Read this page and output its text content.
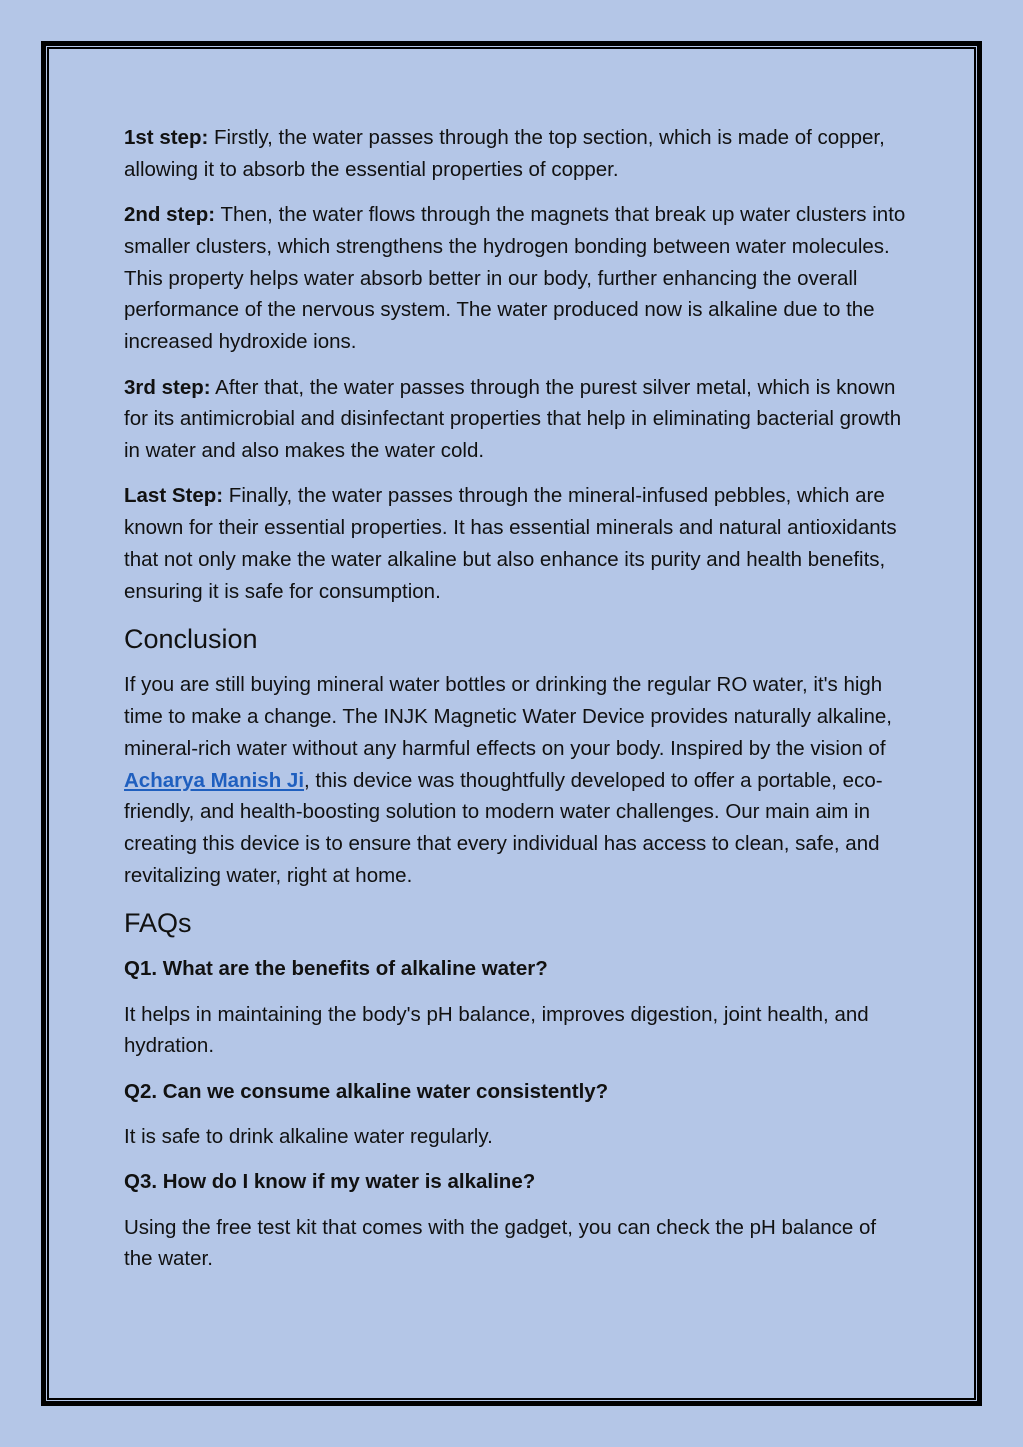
1st step: Firstly, the water passes through the top section, which is made of copper, allowing it to absorb the essential properties of copper.

2nd step: Then, the water flows through the magnets that break up water clusters into smaller clusters, which strengthens the hydrogen bonding between water molecules. This property helps water absorb better in our body, further enhancing the overall performance of the nervous system. The water produced now is alkaline due to the increased hydroxide ions.

3rd step: After that, the water passes through the purest silver metal, which is known for its antimicrobial and disinfectant properties that help in eliminating bacterial growth in water and also makes the water cold.

Last Step: Finally, the water passes through the mineral-infused pebbles, which are known for their essential properties. It has essential minerals and natural antioxidants that not only make the water alkaline but also enhance its purity and health benefits, ensuring it is safe for consumption.

Conclusion

If you are still buying mineral water bottles or drinking the regular RO water, it's high time to make a change. The INJK Magnetic Water Device provides naturally alkaline, mineral-rich water without any harmful effects on your body. Inspired by the vision of Acharya Manish Ji, this device was thoughtfully developed to offer a portable, eco-friendly, and health-boosting solution to modern water challenges. Our main aim in creating this device is to ensure that every individual has access to clean, safe, and revitalizing water, right at home.

FAQs

Q1. What are the benefits of alkaline water?

It helps in maintaining the body's pH balance, improves digestion, joint health, and hydration.

Q2. Can we consume alkaline water consistently?

It is safe to drink alkaline water regularly.

Q3. How do I know if my water is alkaline?

Using the free test kit that comes with the gadget, you can check the pH balance of the water.
